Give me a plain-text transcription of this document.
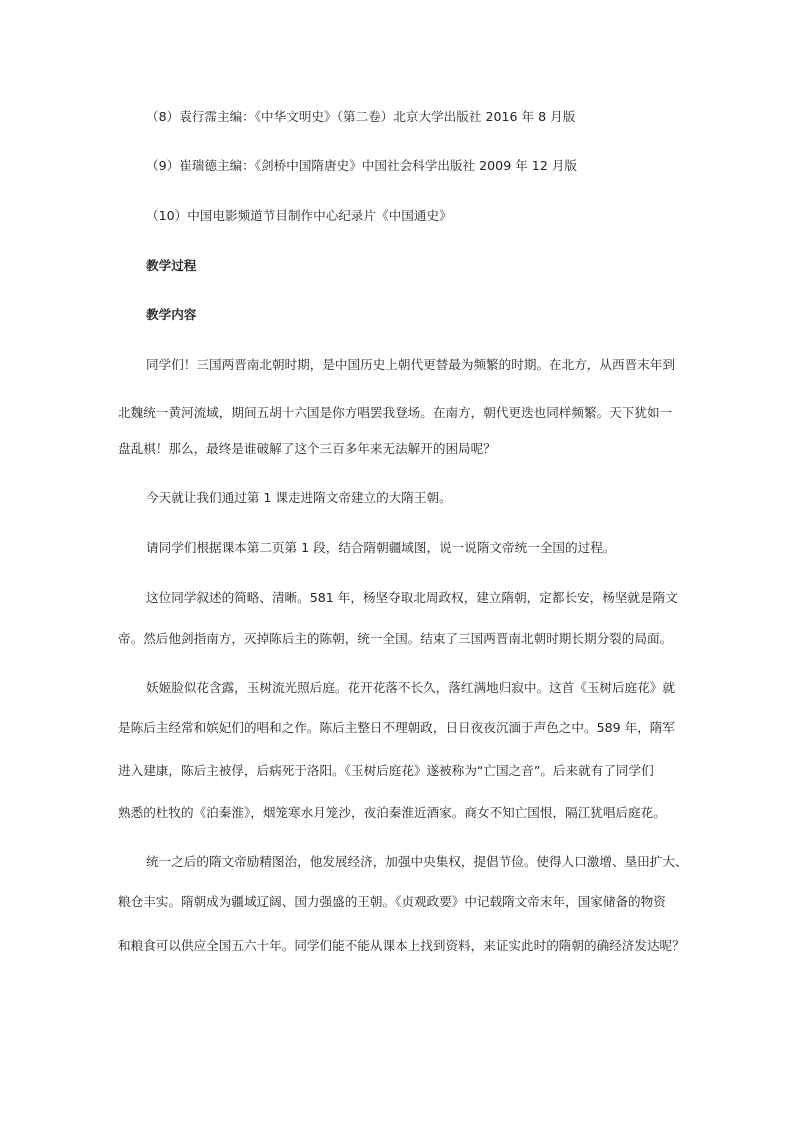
（8）袁行霈主编：《中华文明史》（第二卷）北京大学出版社 2016 年 8 月版
（9）崔瑞德主编：《剑桥中国隋唐史》中国社会科学出版社 2009 年 12 月版
（10）中国电影频道节目制作中心纪录片《中国通史》
教学过程
教学内容
同学们！三国两晋南北朝时期，是中国历史上朝代更替最为频繁的时期。在北方，从西晋末年到
北魏统一黄河流域，期间五胡十六国是你方唱罢我登场。在南方，朝代更迭也同样频繁。天下犹如一
盘乱棋！那么，最终是谁破解了这个三百多年来无法解开的困局呢？
今天就让我们通过第 1 课走进隋文帝建立的大隋王朝。
请同学们根据课本第二页第 1 段，结合隋朝疆域图，说一说隋文帝统一全国的过程。
这位同学叙述的简略、清晰。581 年，杨坚夺取北周政权，建立隋朝，定都长安，杨坚就是隋文
帝。然后他剑指南方，灭掉陈后主的陈朝，统一全国。结束了三国两晋南北朝时期长期分裂的局面。
妖姬脸似花含露，玉树流光照后庭。花开花落不长久，落红满地归寂中。这首《玉树后庭花》就
是陈后主经常和嫔妃们的唱和之作。陈后主整日不理朝政，日日夜夜沉湎于声色之中。589 年，隋军
进入建康，陈后主被俘，后病死于洛阳。《玉树后庭花》遂被称为“亡国之音”。后来就有了同学们
熟悉的杜牧的《泊秦淮》，烟笼寒水月笼沙，夜泊秦淮近酒家。商女不知亡国恨，隔江犹唱后庭花。
统一之后的隋文帝励精图治，他发展经济，加强中央集权，提倡节俭。使得人口激增、垦田扩大、
粮仓丰实。隋朝成为疆域辽阔、国力强盛的王朝。《贞观政要》中记载隋文帝末年，国家储备的物资
和粮食可以供应全国五六十年。同学们能不能从课本上找到资料，来证实此时的隋朝的确经济发达呢？
